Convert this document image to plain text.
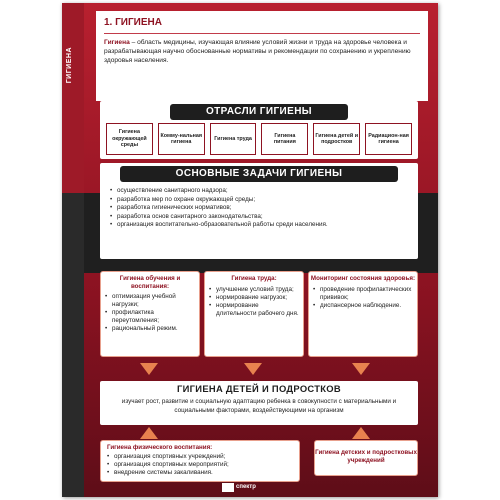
ГИГИЕНА
1. ГИГИЕНА
Гигиена – область медицины, изучающая влияние условий жизни и труда на здоровье человека и разрабатывающая научно обоснованные нормативы и рекомендации по сохранению и укреплению здоровья населения.
ОТРАСЛИ ГИГИЕНЫ
Гигиена окружающей среды
Комму-нальная гигиена
Гигиена труда
Гигиена питания
Гигиена детей и подростков
Радиацион-ная гигиена
ОСНОВНЫЕ ЗАДАЧИ ГИГИЕНЫ
• осуществление санитарного надзора;
• разработка мер по охране окружающей среды;
• разработка гигиенических нормативов;
• разработка основ санитарного законодательства;
• организация воспитательно-образовательной работы среди населения.
Гигиена обучения и воспитания:
• оптимизация учебной нагрузки;
• профилактика переутомления;
• рациональный режим.
Гигиена труда:
• улучшение условий труда;
• нормирование нагрузок;
• нормирование длительности рабочего дня.
Мониторинг состояния здоровья:
• проведение профилактических прививок;
• диспансерное наблюдение.
ГИГИЕНА ДЕТЕЙ И ПОДРОСТКОВ
изучает рост, развитие и социальную адаптацию ребенка в совокупности с материальными и социальными факторами, воздействующими на организм
Гигиена физического воспитания:
• организация спортивных учреждений;
• организация спортивных мероприятий;
• внедрение системы закаливания.
Гигиена детских и подростковых учреждений
спектр
